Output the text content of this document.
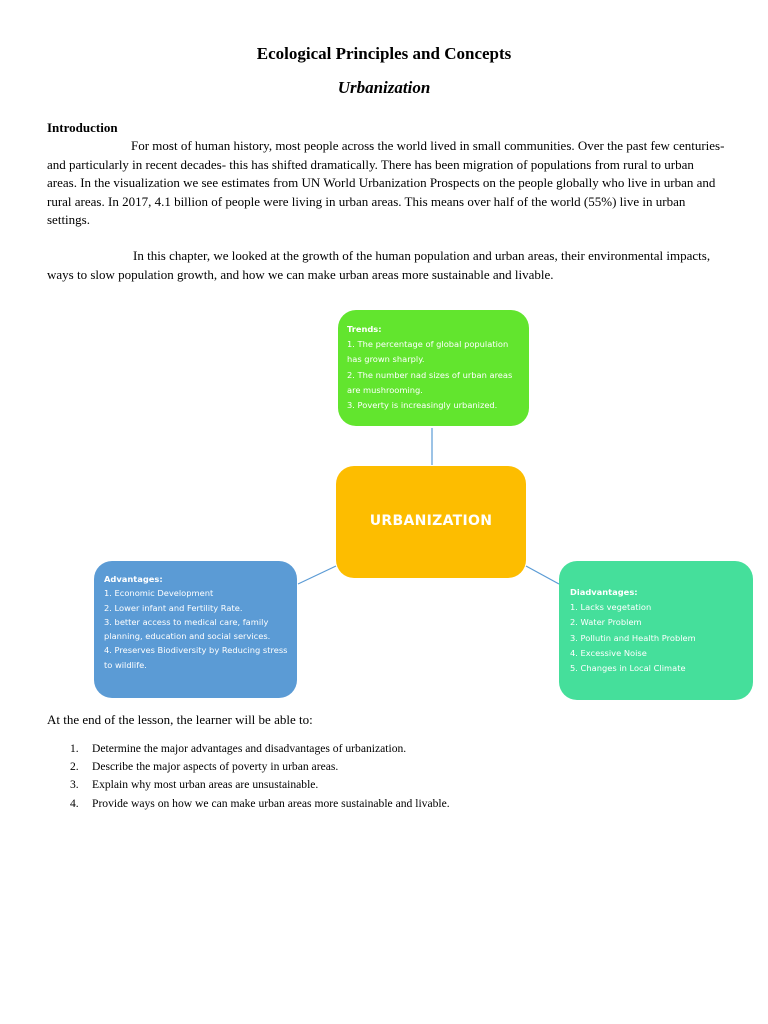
Ecological Principles and Concepts
Urbanization

Introduction
For most of human history, most people across the world lived in small communities. Over the past few centuries- and particularly in recent decades- this has shifted dramatically. There has been migration of populations from rural to urban areas. In the visualization we see estimates from UN World Urbanization Prospects on the people globally who live in urban and rural areas. In 2017, 4.1 billion of people were living in urban areas. This means over half of the world (55%) live in urban settings.

In this chapter, we looked at the growth of the human population and urban areas, their environmental impacts, ways to slow population growth, and how we can make urban areas more sustainable and livable.

Trends:
1. The percentage of global population has grown sharply.
2. The number nad sizes of urban areas are mushrooming.
3. Poverty is increasingly urbanized.
URBANIZATION
Advantages:
1. Economic Development
2. Lower infant and Fertility Rate.
3. better access to medical care, family planning, education and social services.
4. Preserves Biodiversity by Reducing stress to wildlife.
Diadvantages:
1. Lacks vegetation
2. Water Problem
3. Pollutin and Health Problem
4. Excessive Noise
5. Changes in Local Climate
At the end of the lesson, the learner will be able to:
1.	Determine the major advantages and disadvantages of urbanization.
2.	Describe the major aspects of poverty in urban areas.
3.	Explain why most urban areas are unsustainable.
4.	Provide ways on how we can make urban areas more sustainable and livable.
